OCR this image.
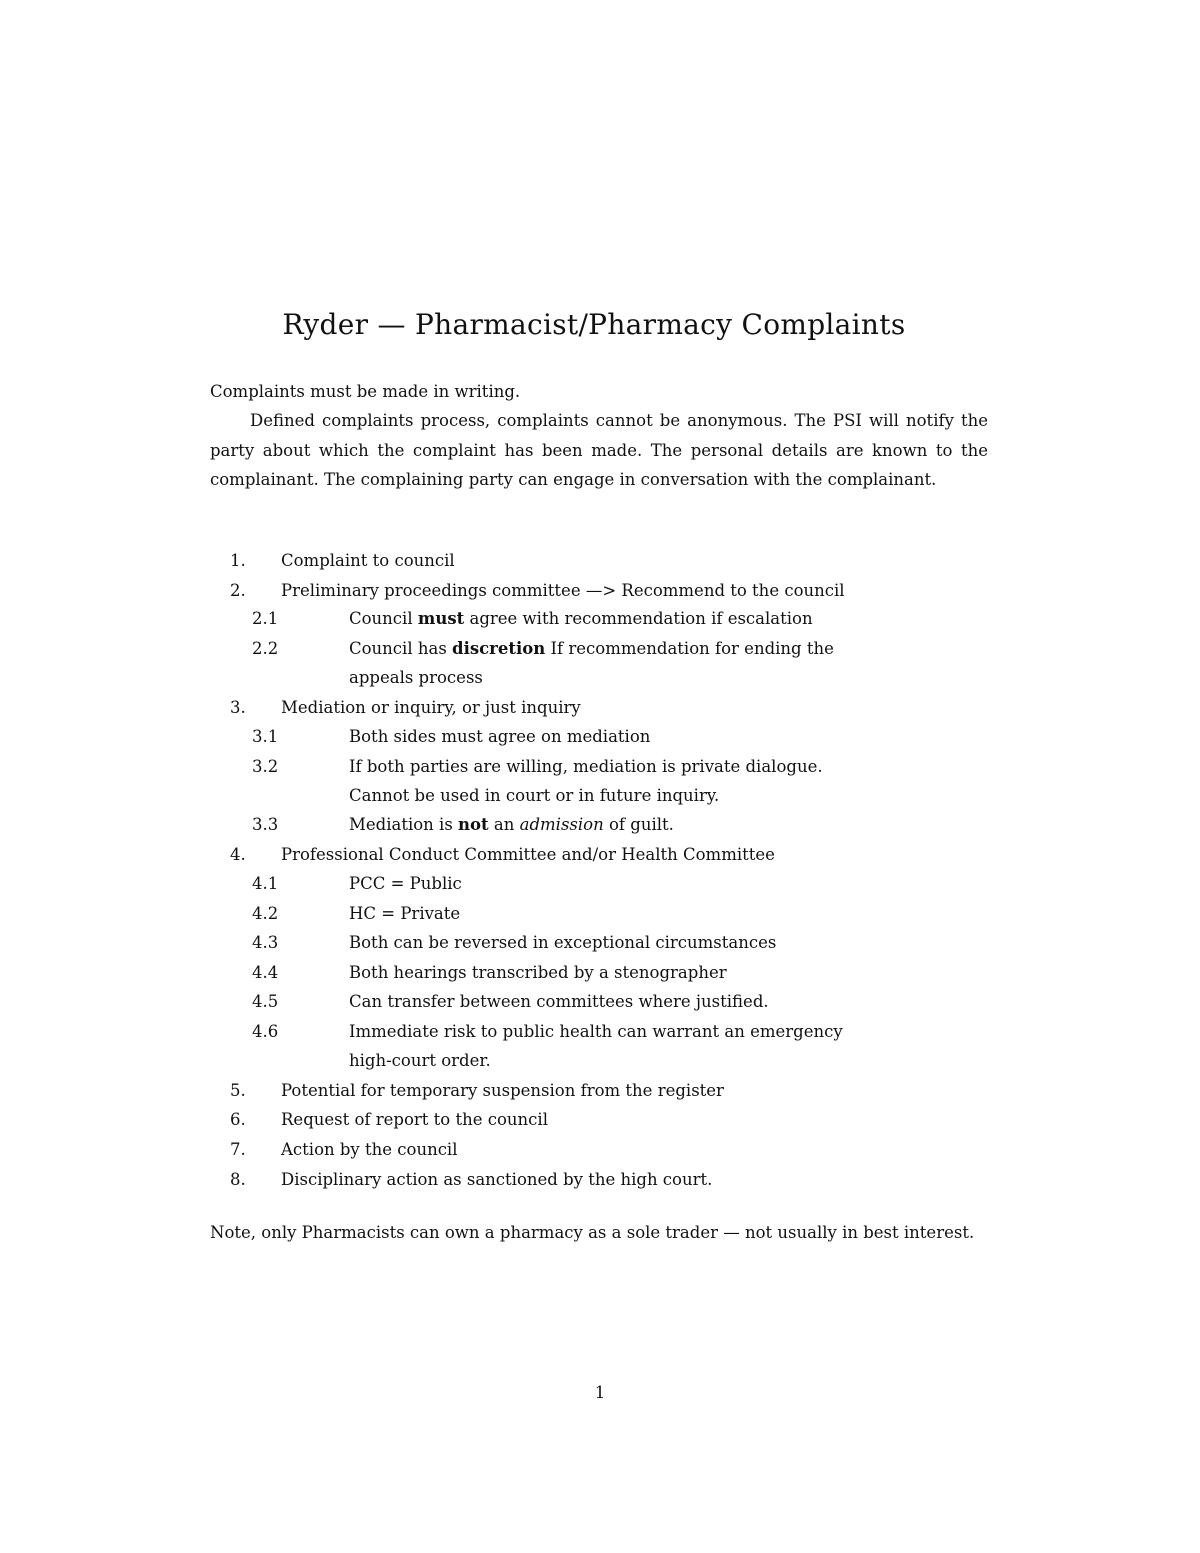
Ryder — Pharmacist/Pharmacy Complaints

Complaints must be made in writing.

Defined complaints process, complaints cannot be anonymous. The PSI will notify the party about which the complaint has been made. The personal details are known to the complainant. The complaining party can engage in conversation with the complainant.

1. Complaint to council
2. Preliminary proceedings committee —> Recommend to the council
2.1	Council must agree with recommendation if escalation
2.2	Council has discretion If recommendation for ending the
appeals process
3. Mediation or inquiry, or just inquiry
3.1	Both sides must agree on mediation
3.2	If both parties are willing, mediation is private dialogue.
Cannot be used in court or in future inquiry.
3.3	Mediation is not an admission of guilt.
4. Professional Conduct Committee and/or Health Committee
4.1	PCC = Public
4.2	HC = Private
4.3	Both can be reversed in exceptional circumstances
4.4	Both hearings transcribed by a stenographer
4.5	Can transfer between committees where justified.
4.6	Immediate risk to public health can warrant an emergency
high-court order.
5. Potential for temporary suspension from the register
6. Request of report to the council
7. Action by the council
8. Disciplinary action as sanctioned by the high court.

Note, only Pharmacists can own a pharmacy as a sole trader — not usually in best interest.

1
